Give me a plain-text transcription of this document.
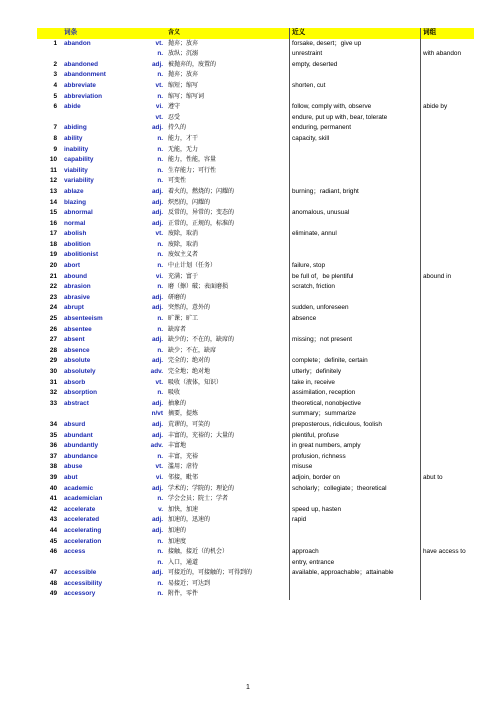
	词条		含义	近义	词组
1	abandon	vt.	抛弃；放弃	forsake, desert；give up	
		n.	放纵；沉溺	unrestraint	with abandon
2	abandoned	adj.	被抛弃的，废置的	empty, deserted	
3	abandonment	n.	抛弃；放弃		
4	abbreviate	vt.	缩短；缩写	shorten, cut	
5	abbreviation	n.	缩写；缩写词		
6	abide	vi.	遵守	follow, comply with, observe	abide by
		vt.	忍受	endure, put up with, bear, tolerate	
7	abiding	adj.	持久的	enduring, permanent	
8	ability	n.	能力，才干	capacity, skill	
9	inability	n.	无能，无力		
10	capability	n.	能力，性能，容量		
11	viability	n.	生存能力；可行性		
12	variability	n.	可变性		
13	ablaze	adj.	着火的，燃烧的；闪耀的	burning；radiant, bright	
14	blazing	adj.	炽烈的，闪耀的		
15	abnormal	adj.	反常的，异常的；变态的	anomalous, unusual	
16	normal	adj.	正常的，正规的，标准的		
17	abolish	vt.	废除，取消	eliminate, annul	
18	abolition	n.	废除，取消		
19	abolitionist	n.	废奴主义者		
20	abort	n.	中止计划（任务）	failure, stop	
21	abound	vi.	充满；富于	be full of，be plentiful	abound in
22	abrasion	n.	磨（擦）破；表面磨损	scratch, friction	
23	abrasive	adj.	研磨的		
24	abrupt	adj.	突然的，意外的	sudden, unforeseen	
25	absenteeism	n.	旷课；旷工	absence	
26	absentee	n.	缺席者		
27	absent	adj.	缺少的；不在的，缺席的	missing；not present	
28	absence	n.	缺少；不在，缺席		
29	absolute	adj.	完全的；绝对的	complete；definite, certain	
30	absolutely	adv.	完全地；绝对地	utterly；definitely	
31	absorb	vt.	吸收（液体，知识）	take in, receive	
32	absorption	n.	吸收	assimilation, reception	
33	abstract	adj.	抽象的	theoretical, nonobjective	
		n/vt	摘要，提炼	summary；summarize	
34	absurd	adj.	荒谬的，可笑的	preposterous, ridiculous, foolish	
35	abundant	adj.	丰富的，充裕的；大量的	plentiful, profuse	
36	abundantly	adv.	丰富地	in great numbers, amply	
37	abundance	n.	丰富，充裕	profusion, richness	
38	abuse	vt.	滥用；虐待	misuse	
39	abut	vi.	邻接，毗邻	adjoin, border on	abut to
40	academic	adj.	学术的；学院的；理论的	scholarly；collegiate；theoretical	
41	academician	n.	学会会员；院士；学者		
42	accelerate	v.	加快，加速	speed up, hasten	
43	accelerated	adj.	加速的，迅速的	rapid	
44	accelerating	adj.	加速的		
45	acceleration	n.	加速度		
46	access	n.	接触，接近（的机会）	approach	have access to
		n.	入口，通道	entry, entrance	
47	accessible	adj.	可接近的，可接触的；可得到的	available, approachable；attainable	
48	accessibility	n.	易接近；可达到		
49	accessory	n.	附件，零件		
1
